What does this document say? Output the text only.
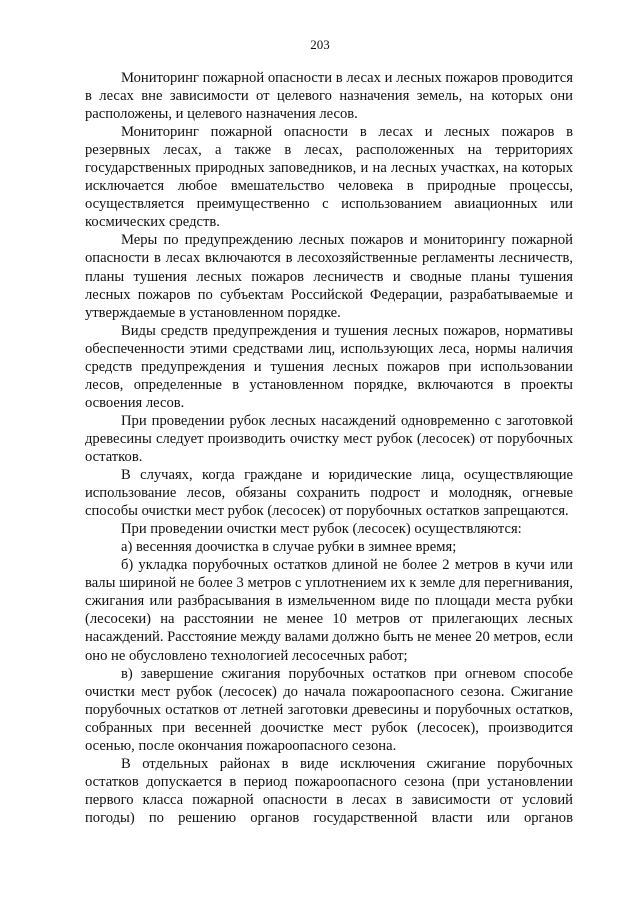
203

Мониторинг пожарной опасности в лесах и лесных пожаров проводится в лесах вне зависимости от целевого назначения земель, на которых они расположены, и целевого назначения лесов.

Мониторинг пожарной опасности в лесах и лесных пожаров в резервных лесах, а также в лесах, расположенных на территориях государственных природных заповедников, и на лесных участках, на которых исключается любое вмешательство человека в природные процессы, осуществляется преимущественно с использованием авиационных или космических средств.

Меры по предупреждению лесных пожаров и мониторингу пожарной опасности в лесах включаются в лесохозяйственные регламенты лесничеств, планы тушения лесных пожаров лесничеств и сводные планы тушения лесных пожаров по субъектам Российской Федерации, разрабатываемые и утверждаемые в установленном порядке.

Виды средств предупреждения и тушения лесных пожаров, нормативы обеспеченности этими средствами лиц, использующих леса, нормы наличия средств предупреждения и тушения лесных пожаров при использовании лесов, определенные в установленном порядке, включаются в проекты освоения лесов.

При проведении рубок лесных насаждений одновременно с заготовкой древесины следует производить очистку мест рубок (лесосек) от порубочных остатков.

В случаях, когда граждане и юридические лица, осуществляющие использование лесов, обязаны сохранить подрост и молодняк, огневые способы очистки мест рубок (лесосек) от порубочных остатков запрещаются.

При проведении очистки мест рубок (лесосек) осуществляются:

а) весенняя доочистка в случае рубки в зимнее время;

б) укладка порубочных остатков длиной не более 2 метров в кучи или валы шириной не более 3 метров с уплотнением их к земле для перегнивания, сжигания или разбрасывания в измельченном виде по площади места рубки (лесосеки) на расстоянии не менее 10 метров от прилегающих лесных насаждений. Расстояние между валами должно быть не менее 20 метров, если оно не обусловлено технологией лесосечных работ;

в) завершение сжигания порубочных остатков при огневом способе очистки мест рубок (лесосек) до начала пожароопасного сезона. Сжигание порубочных остатков от летней заготовки древесины и порубочных остатков, собранных при весенней доочистке мест рубок (лесосек), производится осенью, после окончания пожароопасного сезона.

В отдельных районах в виде исключения сжигание порубочных остатков допускается в период пожароопасного сезона (при установлении первого класса пожарной опасности в лесах в зависимости от условий погоды) по решению органов государственной власти или органов
